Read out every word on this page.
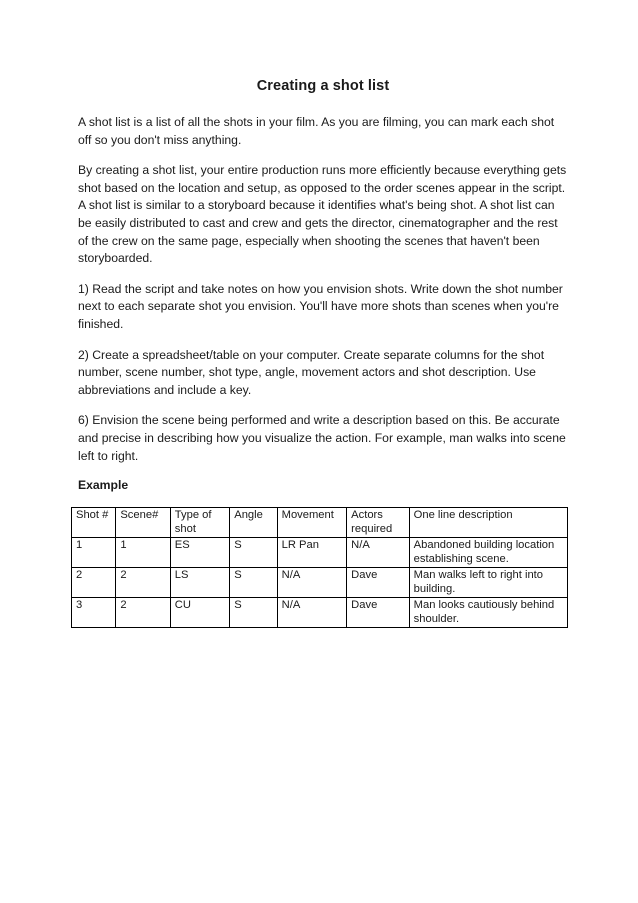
Creating a shot list

A shot list is a list of all the shots in your film. As you are filming, you can mark each shot off so you don't miss anything.

By creating a shot list, your entire production runs more efficiently because everything gets shot based on the location and setup, as opposed to the order scenes appear in the script. A shot list is similar to a storyboard because it identifies what's being shot. A shot list can be easily distributed to cast and crew and gets the director, cinematographer and the rest of the crew on the same page, especially when shooting the scenes that haven't been storyboarded.

1) Read the script and take notes on how you envision shots. Write down the shot number next to each separate shot you envision. You'll have more shots than scenes when you're finished.

2) Create a spreadsheet/table on your computer. Create separate columns for the shot number, scene number, shot type, angle, movement actors and shot description. Use abbreviations and include a key.

6) Envision the scene being performed and write a description based on this. Be accurate and precise in describing how you visualize the action. For example, man walks into scene left to right.

Example
Shot #	Scene#	Type of shot	Angle	Movement	Actors required	One line description
1	1	ES	S	LR Pan	N/A	Abandoned building location establishing scene.
2	2	LS	S	N/A	Dave	Man walks left to right into building.
3	2	CU	S	N/A	Dave	Man looks cautiously behind shoulder.
